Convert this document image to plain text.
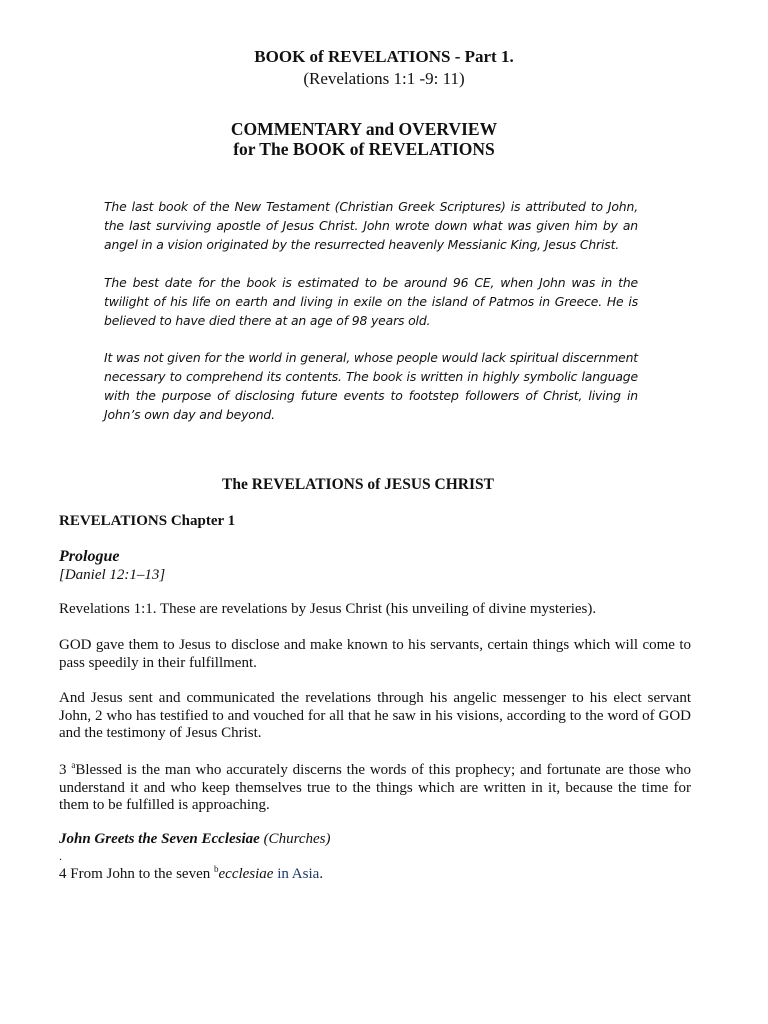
BOOK of REVELATIONS - Part 1.
(Revelations 1:1 -9: 11)
COMMENTARY and OVERVIEW
for The BOOK of REVELATIONS
The last book of the New Testament (Christian Greek Scriptures) is attributed to John, the last surviving apostle of Jesus Christ. John wrote down what was given him by an angel in a vision originated by the resurrected heavenly Messianic King, Jesus Christ.
The best date for the book is estimated to be around 96 CE, when John was in the twilight of his life on earth and living in exile on the island of Patmos in Greece. He is believed to have died there at an age of 98 years old.
It was not given for the world in general, whose people would lack spiritual discernment necessary to comprehend its contents. The book is written in highly symbolic language with the purpose of disclosing future events to footstep followers of Christ, living in John’s own day and beyond.
The REVELATIONS of JESUS CHRIST
REVELATIONS Chapter 1
Prologue
[Daniel 12:1–13]
Revelations 1:1. These are revelations by Jesus Christ (his unveiling of divine mysteries).
GOD gave them to Jesus to disclose and make known to his servants, certain things which will come to pass speedily in their fulfillment.
And Jesus sent and communicated the revelations through his angelic messenger to his elect servant John, 2 who has testified to and vouched for all that he saw in his visions, according to the word of GOD and the testimony of Jesus Christ.
3 $^a$Blessed is the man who accurately discerns the words of this prophecy; and fortunate are those who understand it and who keep themselves true to the things which are written in it, because the time for them to be fulfilled is approaching.
John Greets the Seven Ecclesiae (Churches)
.
4 From John to the seven $^b$ecclesiae in Asia.
